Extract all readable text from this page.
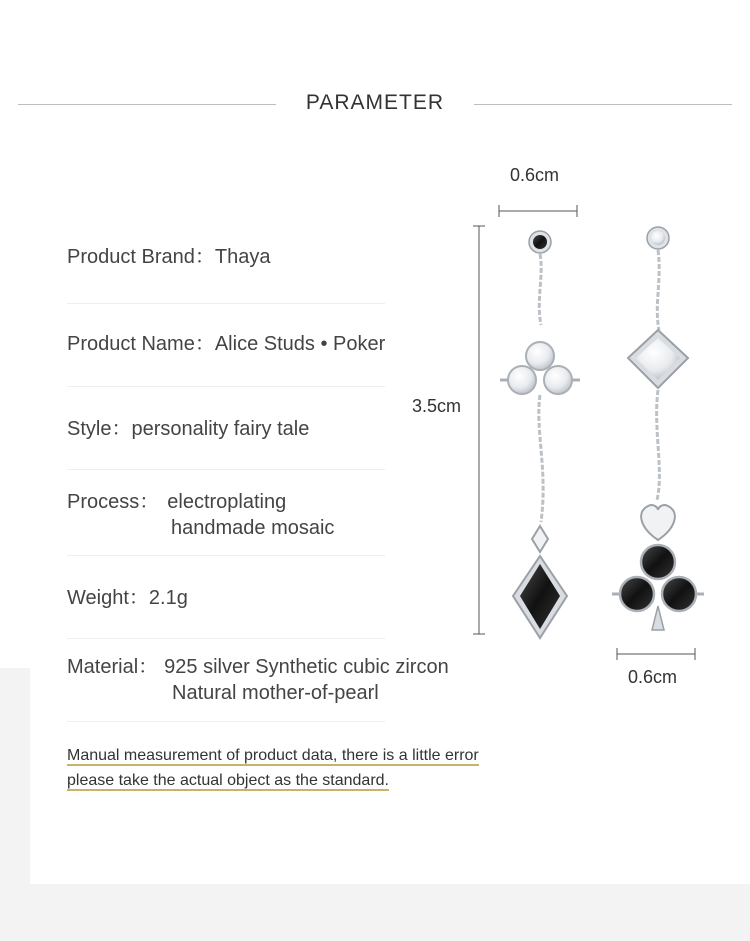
PARAMETER
Product Brand：Thaya
Product Name：Alice Studs • Poker
Style：personality fairy tale
Process： electroplating
handmade mosaic
Weight：2.1g
Material： 925 silver Synthetic cubic zircon
Natural mother-of-pearl
Manual measurement of product data, there is a little error
please take the actual object as the standard.
0.6cm
3.5cm
0.6cm
